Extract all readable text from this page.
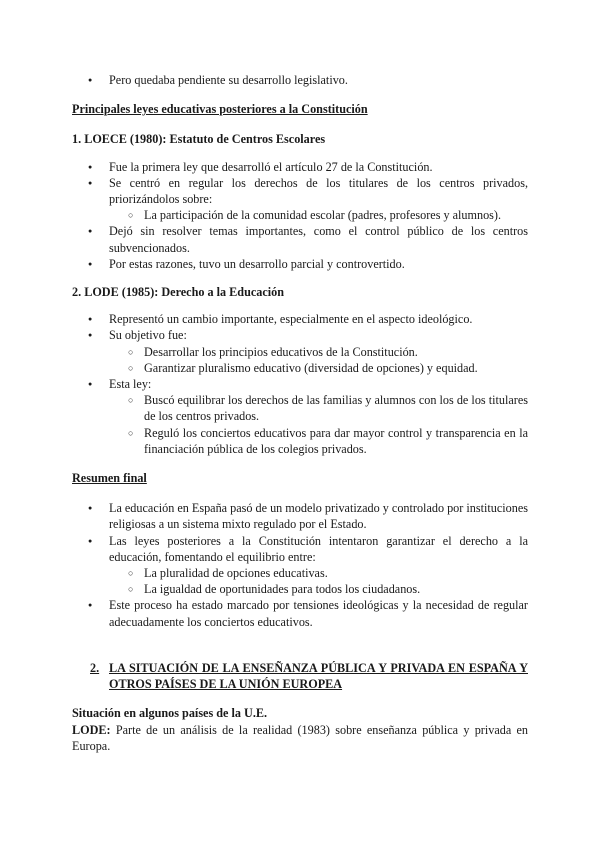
● Pero quedaba pendiente su desarrollo legislativo.

Principales leyes educativas posteriores a la Constitución

1. LOECE (1980): Estatuto de Centros Escolares

● Fue la primera ley que desarrolló el artículo 27 de la Constitución.
● Se centró en regular los derechos de los titulares de los centros privados, priorizándolos sobre:
○ La participación de la comunidad escolar (padres, profesores y alumnos).
● Dejó sin resolver temas importantes, como el control público de los centros subvencionados.
● Por estas razones, tuvo un desarrollo parcial y controvertido.

2. LODE (1985): Derecho a la Educación

● Representó un cambio importante, especialmente en el aspecto ideológico.
● Su objetivo fue:
○ Desarrollar los principios educativos de la Constitución.
○ Garantizar pluralismo educativo (diversidad de opciones) y equidad.
● Esta ley:
○ Buscó equilibrar los derechos de las familias y alumnos con los de los titulares de los centros privados.
○ Reguló los conciertos educativos para dar mayor control y transparencia en la financiación pública de los colegios privados.

Resumen final

● La educación en España pasó de un modelo privatizado y controlado por instituciones religiosas a un sistema mixto regulado por el Estado.
● Las leyes posteriores a la Constitución intentaron garantizar el derecho a la educación, fomentando el equilibrio entre:
○ La pluralidad de opciones educativas.
○ La igualdad de oportunidades para todos los ciudadanos.
● Este proceso ha estado marcado por tensiones ideológicas y la necesidad de regular adecuadamente los conciertos educativos.
2. LA SITUACIÓN DE LA ENSEÑANZA PÚBLICA Y PRIVADA EN ESPAÑA Y OTROS PAÍSES DE LA UNIÓN EUROPEA

Situación en algunos países de la U.E.

LODE: Parte de un análisis de la realidad (1983) sobre enseñanza pública y privada en Europa.
